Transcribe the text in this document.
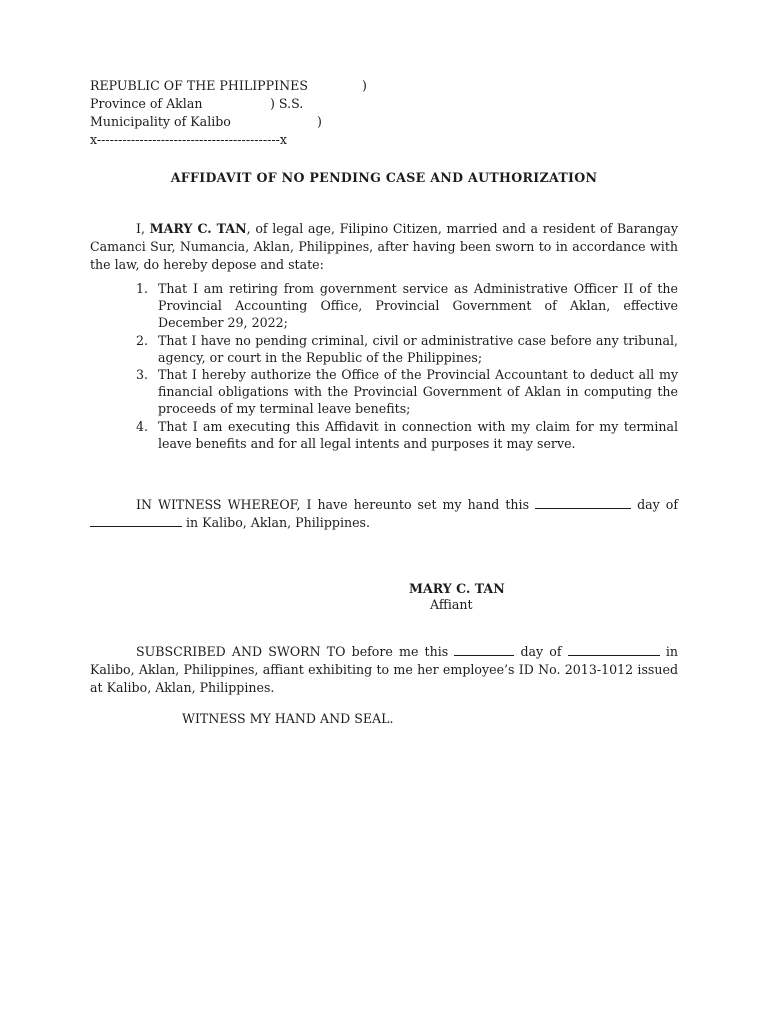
REPUBLIC OF THE PHILIPPINES	)
Province of Aklan	) S.S.
Municipality of Kalibo	)
x-------------------------------------------x
AFFIDAVIT OF NO PENDING CASE AND AUTHORIZATION
I, MARY C. TAN, of legal age, Filipino Citizen, married and a resident of Barangay Camanci Sur, Numancia, Aklan, Philippines, after having been sworn to in accordance with the law, do hereby depose and state:
1. That I am retiring from government service as Administrative Officer II of the Provincial Accounting Office, Provincial Government of Aklan, effective December 29, 2022;
2. That I have no pending criminal, civil or administrative case before any tribunal, agency, or court in the Republic of the Philippines;
3. That I hereby authorize the Office of the Provincial Accountant to deduct all my financial obligations with the Provincial Government of Aklan in computing the proceeds of my terminal leave benefits;
4. That I am executing this Affidavit in connection with my claim for my terminal leave benefits and for all legal intents and purposes it may serve.
IN WITNESS WHEREOF, I have hereunto set my hand this	day of  in Kalibo, Aklan, Philippines.
MARY C. TAN
Affiant
SUBSCRIBED AND SWORN TO before me this	day of	in Kalibo, Aklan, Philippines, affiant exhibiting to me her employee’s ID No. 2013-1012 issued at Kalibo, Aklan, Philippines.
WITNESS MY HAND AND SEAL.
